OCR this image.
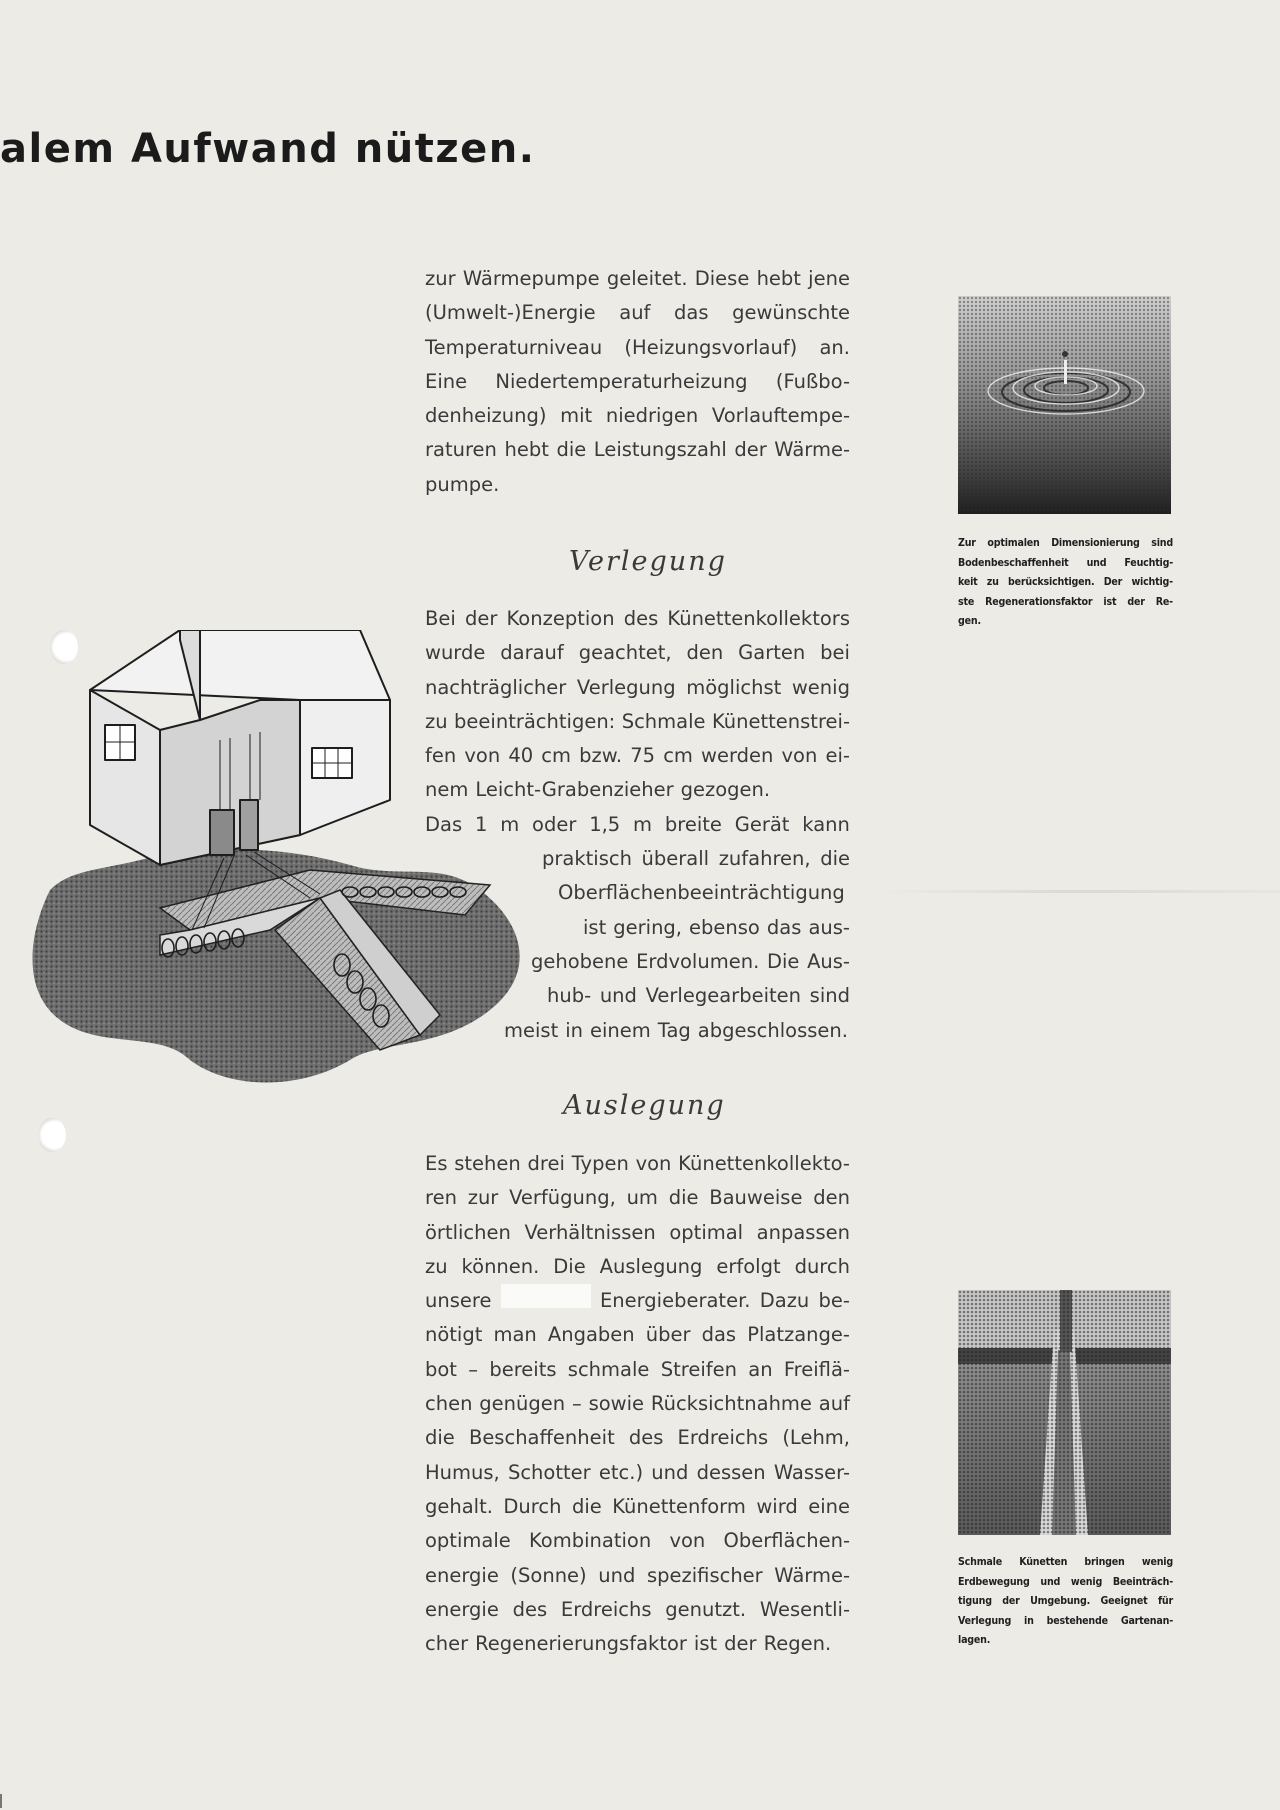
alem Aufwand nützen.
zur Wärmepumpe geleitet. Diese hebt jene
(Umwelt-)Energie auf das gewünschte
Temperaturniveau (Heizungsvorlauf) an.
Eine Niedertemperaturheizung (Fußbo-
denheizung) mit niedrigen Vorlauftempe-
raturen hebt die Leistungszahl der Wärme-
pumpe.
Verlegung
Bei der Konzeption des Künettenkollektors
wurde darauf geachtet, den Garten bei
nachträglicher Verlegung möglichst wenig
zu beeinträchtigen: Schmale Künettenstrei-
fen von 40 cm bzw. 75 cm werden von ei-
nem Leicht-Grabenzieher gezogen.
Das 1 m oder 1,5 m breite Gerät kann
praktisch überall zufahren, die
Oberflächenbeeinträchtigung
ist gering, ebenso das aus-
gehobene Erdvolumen. Die Aus-
hub- und Verlegearbeiten sind
meist in einem Tag abgeschlossen.
Auslegung
Es stehen drei Typen von Künettenkollekto-
ren zur Verfügung, um die Bauweise den
örtlichen Verhältnissen optimal anpassen
zu können. Die Auslegung erfolgt durch
unsere	Energieberater. Dazu be-
nötigt man Angaben über das Platzange-
bot – bereits schmale Streifen an Freiflä-
chen genügen – sowie Rücksichtnahme auf
die Beschaffenheit des Erdreichs (Lehm,
Humus, Schotter etc.) und dessen Wasser-
gehalt. Durch die Künettenform wird eine
optimale Kombination von Oberflächen-
energie (Sonne) und spezifischer Wärme-
energie des Erdreichs genutzt. Wesentli-
cher Regenerierungsfaktor ist der Regen.
Zur optimalen Dimensionierung sind
Bodenbeschaffenheit und Feuchtig-
keit zu berücksichtigen. Der wichtig-
ste Regenerationsfaktor ist der Re-
gen.
Schmale Künetten bringen wenig
Erdbewegung und wenig Beeinträch-
tigung der Umgebung. Geeignet für
Verlegung in bestehende Gartenan-
lagen.
